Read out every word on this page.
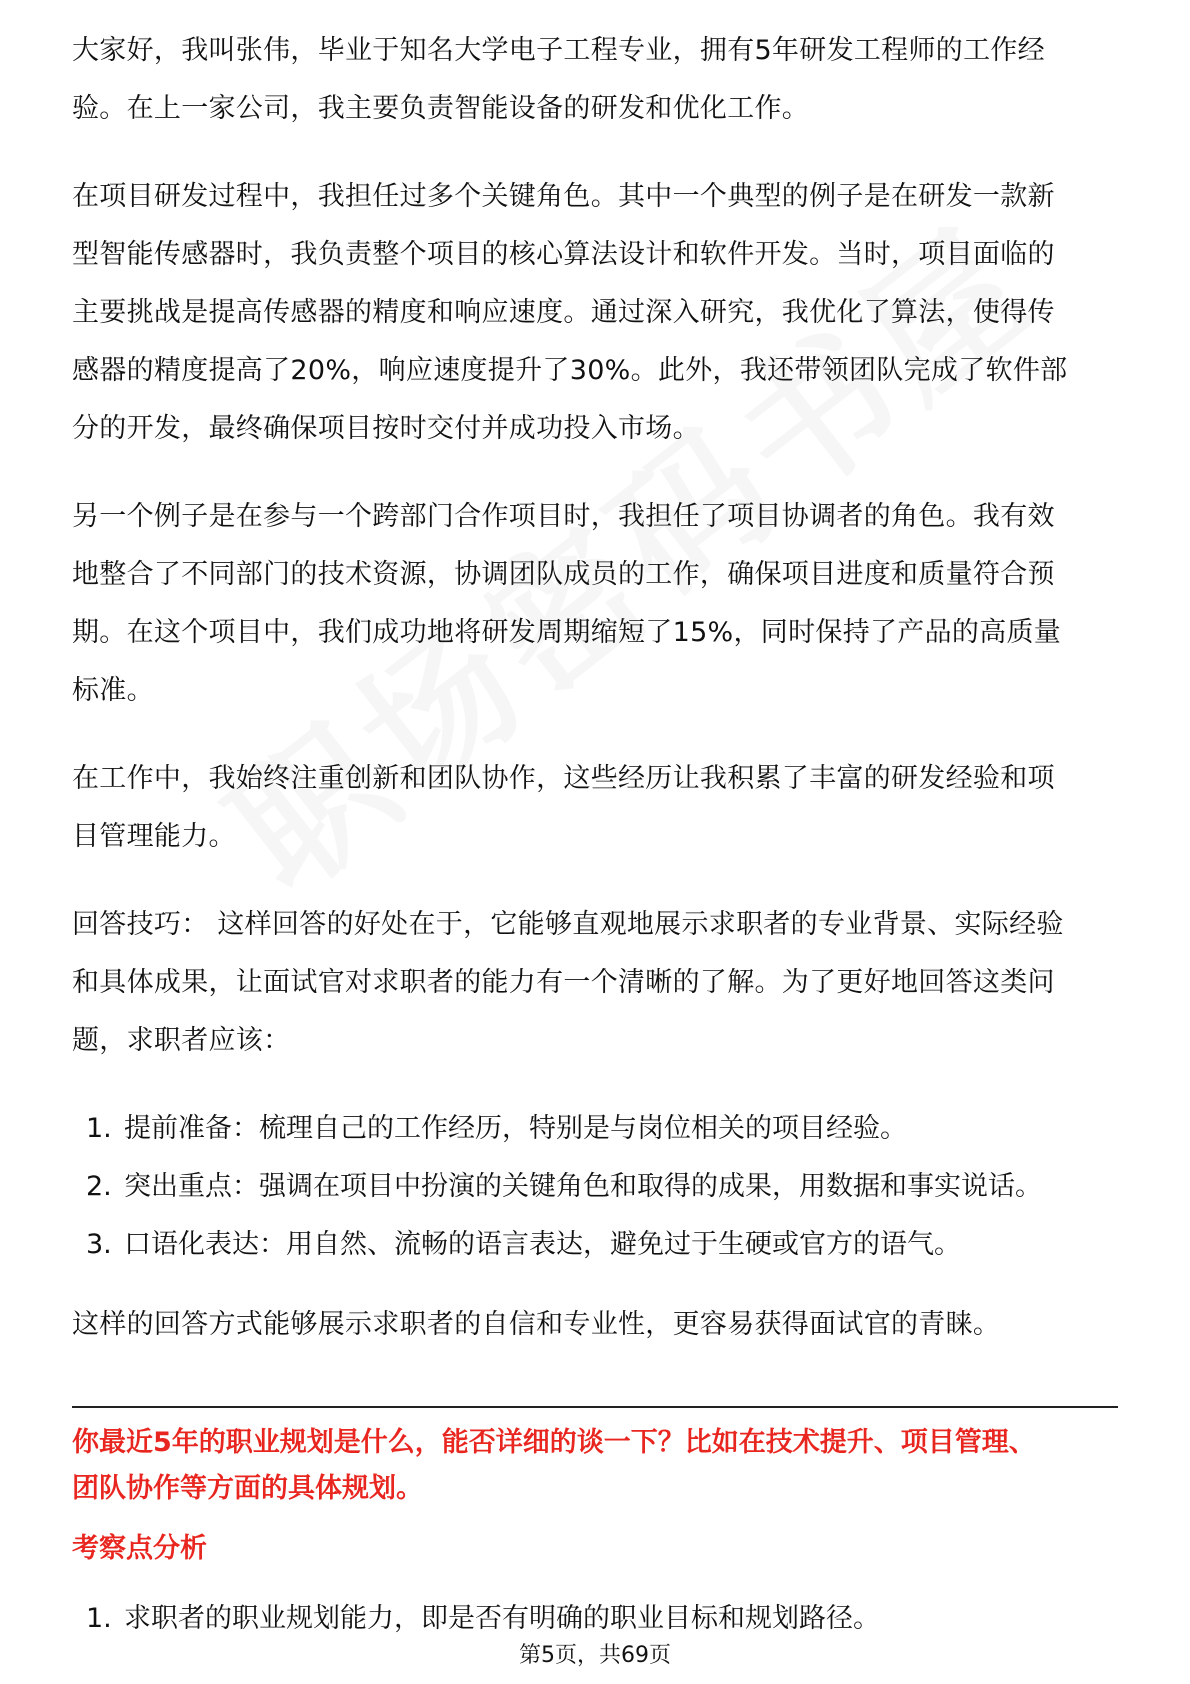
大家好，我叫张伟，毕业于知名大学电子工程专业，拥有5年研发工程师的工作经

验。在上一家公司，我主要负责智能设备的研发和优化工作。

在项目研发过程中，我担任过多个关键角色。其中一个典型的例子是在研发一款新

型智能传感器时，我负责整个项目的核心算法设计和软件开发。当时，项目面临的

主要挑战是提高传感器的精度和响应速度。通过深入研究，我优化了算法，使得传

感器的精度提高了20%，响应速度提升了30%。此外，我还带领团队完成了软件部

分的开发，最终确保项目按时交付并成功投入市场。

另一个例子是在参与一个跨部门合作项目时，我担任了项目协调者的角色。我有效

地整合了不同部门的技术资源，协调团队成员的工作，确保项目进度和质量符合预

期。在这个项目中，我们成功地将研发周期缩短了15%，同时保持了产品的高质量

标准。

在工作中，我始终注重创新和团队协作，这些经历让我积累了丰富的研发经验和项

目管理能力。

回答技巧： 这样回答的好处在于，它能够直观地展示求职者的专业背景、实际经验

和具体成果，让面试官对求职者的能力有一个清晰的了解。为了更好地回答这类问

题，求职者应该：

1. 提前准备：梳理自己的工作经历，特别是与岗位相关的项目经验。
2. 突出重点：强调在项目中扮演的关键角色和取得的成果，用数据和事实说话。
3. 口语化表达：用自然、流畅的语言表达，避免过于生硬或官方的语气。

这样的回答方式能够展示求职者的自信和专业性，更容易获得面试官的青睐。

你最近5年的职业规划是什么，能否详细的谈一下？比如在技术提升、项目管理、

团队协作等方面的具体规划。

考察点分析

1. 求职者的职业规划能力，即是否有明确的职业目标和规划路径。
第5页，共69页
